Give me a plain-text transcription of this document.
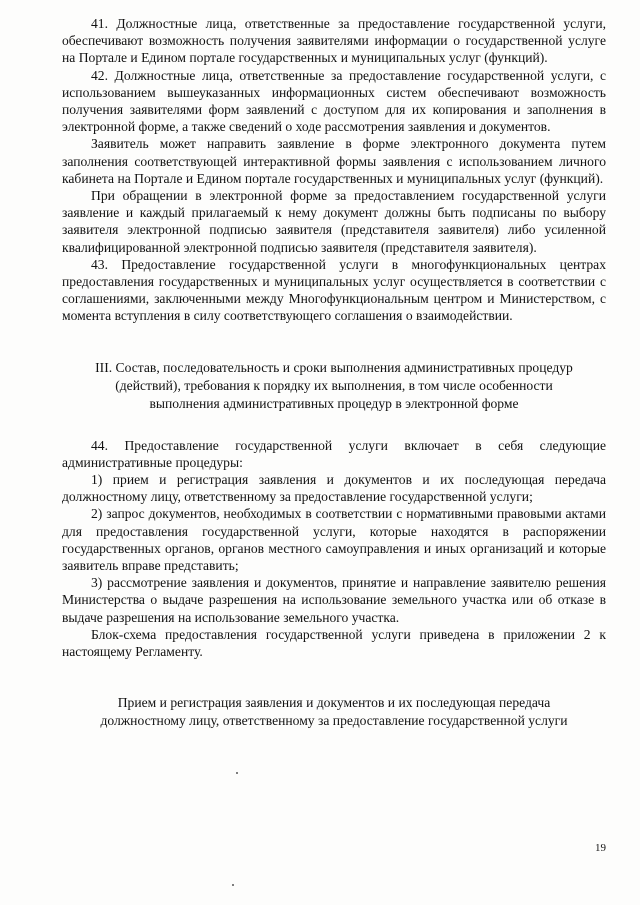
41. Должностные лица, ответственные за предоставление государственной услуги, обеспечивают возможность получения заявителями информации о государственной услуге на Портале и Едином портале государственных и муниципальных услуг (функций).

42. Должностные лица, ответственные за предоставление государственной услуги, с использованием вышеуказанных информационных систем обеспечивают возможность получения заявителями форм заявлений с доступом для их копирования и заполнения в электронной форме, а также сведений о ходе рассмотрения заявления и документов.

Заявитель может направить заявление в форме электронного документа путем заполнения соответствующей интерактивной формы заявления с использованием личного кабинета на Портале и Едином портале государственных и муниципальных услуг (функций).

При обращении в электронной форме за предоставлением государственной услуги заявление и каждый прилагаемый к нему документ должны быть подписаны по выбору заявителя электронной подписью заявителя (представителя заявителя) либо усиленной квалифицированной электронной подписью заявителя (представителя заявителя).

43. Предоставление государственной услуги в многофункциональных центрах предоставления государственных и муниципальных услуг осуществляется в соответствии с соглашениями, заключенными между Многофункциональным центром и Министерством, с момента вступления в силу соответствующего соглашения о взаимодействии.

III. Состав, последовательность и сроки выполнения административных процедур
(действий), требования к порядку их выполнения, в том числе особенности
выполнения административных процедур в электронной форме

44. Предоставление государственной услуги включает в себя следующие административные процедуры:

1) прием и регистрация заявления и документов и их последующая передача должностному лицу, ответственному за предоставление государственной услуги;

2) запрос документов, необходимых в соответствии с нормативными правовыми актами для предоставления государственной услуги, которые находятся в распоряжении государственных органов, органов местного самоуправления и иных организаций и которые заявитель вправе представить;

3) рассмотрение заявления и документов, принятие и направление заявителю решения Министерства о выдаче разрешения на использование земельного участка или об отказе в выдаче разрешения на использование земельного участка.

Блок-схема предоставления государственной услуги приведена в приложении 2 к настоящему Регламенту.

Прием и регистрация заявления и документов и их последующая передача
должностному лицу, ответственному за предоставление государственной услуги
19
